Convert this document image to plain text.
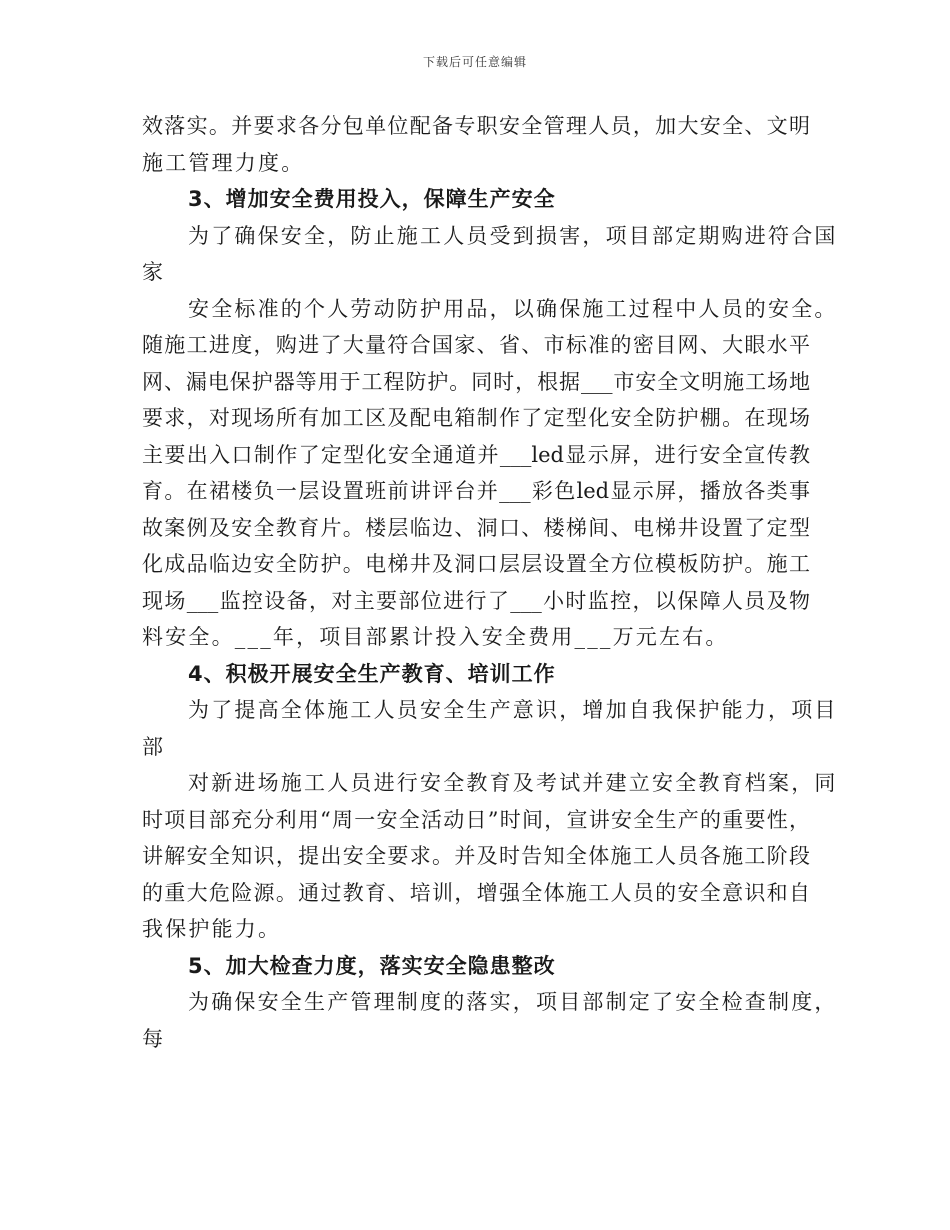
下载后可任意编辑
效落实。并要求各分包单位配备专职安全管理人员，加大安全、文明
施工管理力度。
3、增加安全费用投入，保障生产安全
为了确保安全，防止施工人员受到损害，项目部定期购进符合国
家
安全标准的个人劳动防护用品，以确保施工过程中人员的安全。
随施工进度，购进了大量符合国家、省、市标准的密目网、大眼水平
网、漏电保护器等用于工程防护。同时，根据___市安全文明施工场地
要求，对现场所有加工区及配电箱制作了定型化安全防护棚。在现场
主要出入口制作了定型化安全通道并___led显示屏，进行安全宣传教
育。在裙楼负一层设置班前讲评台并___彩色led显示屏，播放各类事
故案例及安全教育片。楼层临边、洞口、楼梯间、电梯井设置了定型
化成品临边安全防护。电梯井及洞口层层设置全方位模板防护。施工
现场___监控设备，对主要部位进行了___小时监控，以保障人员及物
料安全。___年，项目部累计投入安全费用___万元左右。
4、积极开展安全生产教育、培训工作
为了提高全体施工人员安全生产意识，增加自我保护能力，项目
部
对新进场施工人员进行安全教育及考试并建立安全教育档案，同
时项目部充分利用“周一安全活动日”时间，宣讲安全生产的重要性，
讲解安全知识，提出安全要求。并及时告知全体施工人员各施工阶段
的重大危险源。通过教育、培训，增强全体施工人员的安全意识和自
我保护能力。
5、加大检查力度，落实安全隐患整改
为确保安全生产管理制度的落实，项目部制定了安全检查制度，
每
